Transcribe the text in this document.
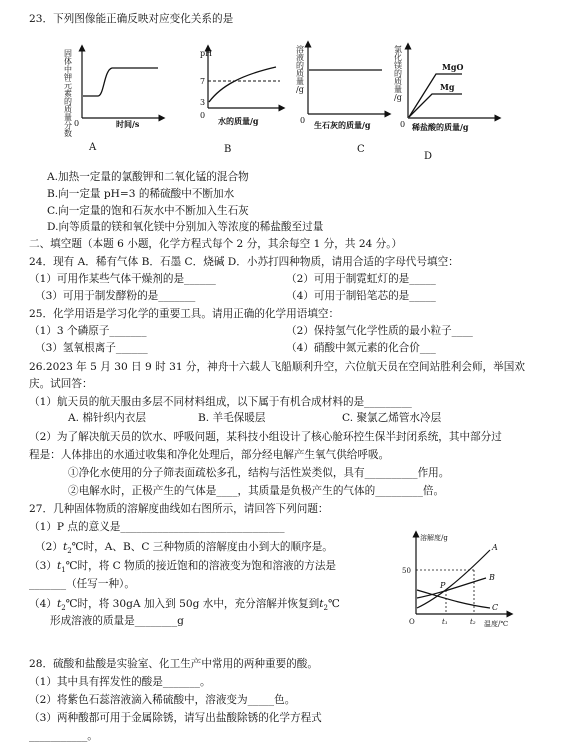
23．下列图像能正确反映对应变化关系的是
固
体
中
钾
元
素
的
质
量
分
数
0	时间/s
A
pH
7
3
0
水的质量/g
B
溶
液
的
质
量
/g
0 生石灰的质量/g
C
氯
化
镁
的
质
量
/g
MgO
Mg
0 稀盐酸的质量/g
D
A.加热一定量的氯酸钾和二氧化锰的混合物
B.向一定量 pH=3 的稀硫酸中不断加水
C.向一定量的饱和石灰水中不断加入生石灰
D.向等质量的镁和氧化镁中分别加入等浓度的稀盐酸至过量
二、填空题（本题 6 小题，化学方程式每个 2 分，其余每空 1 分，共 24 分。）
24．现有 A．稀有气体 B．石墨 C．烧碱 D．小苏打四种物质，请用合适的字母代号填空：
（1）可用作某些气体干燥剂的是______	（2）可用于制霓虹灯的是_____
（3）可用于制发酵粉的是_______	（4）可用于制铅笔芯的是_____
25．化学用语是学习化学的重要工具。请用正确的化学用语填空：
（1）3 个磷原子_______	（2）保持氢气化学性质的最小粒子____
（3）氢氧根离子______	（4）硝酸中氮元素的化合价___
26.2023 年 5 月 30 日 9 时 31 分，神舟十六载人飞船顺利升空，六位航天员在空间站胜利会师，举国欢
庆。试回答：
（1）航天员的航天服由多层不同材料组成，以下属于有机合成材料的是_________
A. 棉针织内衣层	B. 羊毛保暖层	C. 聚氯乙烯管水冷层
（2）为了解决航天员的饮水、呼吸问题，某科技小组设计了核心舱环控生保半封闭系统，其中部分过
程是：人体排出的水通过收集和净化处理后，部分经电解产生氧气供给呼吸。
①净化水使用的分子筛表面疏松多孔，结构与活性炭类似，具有__________作用。
②电解水时，正极产生的气体是____，其质量是负极产生的气体的_________倍。
27．几种固体物质的溶解度曲线如右图所示，请回答下列问题：
（1）P 点的意义是_______________________________
$(2)t_2℃$时，A、B、C 三种物质的溶解度由小到大的顺序是。
$(3)t_1℃$时，将 C 物质的接近饱和的溶液变为饱和溶液的方法是
_______（任写一种）。
$(4)t_2℃$时，将 30gA 加入到 50g 水中，充分溶解并恢复到$t_2℃$
形成溶液的质量是________g
溶解度/g
50
O	t₁	t₂ 温度/℃
A
B
C
P
28．硫酸和盐酸是实验室、化工生产中常用的两种重要的酸。
（1）其中具有挥发性的酸是_______。
（2）将紫色石蕊溶液滴入稀硫酸中，溶液变为_____色。
（3）两种酸都可用于金属除锈，请写出盐酸除锈的化学方程式
___________。
